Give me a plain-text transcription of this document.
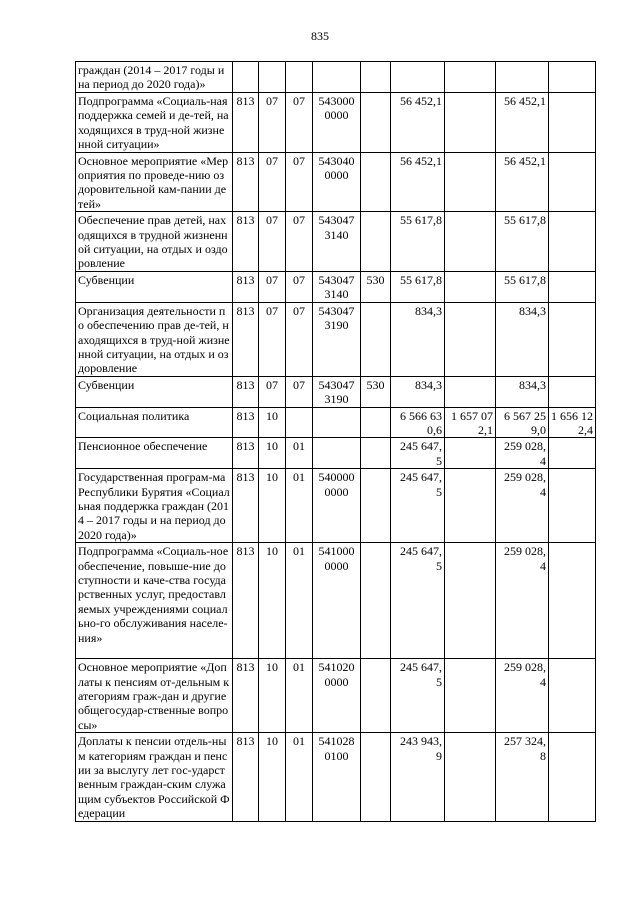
835
граждан (2014 – 2017 годы и на период до 2020 года)»									
Подпрограмма «Социаль-ная поддержка семей и де-тей, находящихся в труд-ной жизненной ситуации»	813	07	07	543000 0000		56 452,1		56 452,1	
Основное мероприятие «Мероприятия по проведе-нию оздоровительной кам-пании детей»	813	07	07	543040 0000		56 452,1		56 452,1	
Обеспечение прав детей, находящихся в трудной жизненной ситуации, на отдых и оздоровление	813	07	07	543047 3140		55 617,8		55 617,8	
Субвенции	813	07	07	543047 3140	530	55 617,8		55 617,8	
Организация деятельности по обеспечению прав де-тей, находящихся в труд-ной жизненной ситуации, на отдых и оздоровление	813	07	07	543047 3190		834,3		834,3	
Субвенции	813	07	07	543047 3190	530	834,3		834,3	
Социальная политика	813	10				6 566 63 0,6	1 657 07 2,1	6 567 25 9,0	1 656 12 2,4
Пенсионное обеспечение	813	10	01			245 647, 5		259 028, 4	
Государственная програм-ма Республики Бурятия «Социальная поддержка граждан (2014 – 2017 годы и на период до 2020 года)»	813	10	01	540000 0000		245 647, 5		259 028, 4	
Подпрограмма «Социаль-ное обеспечение, повыше-ние доступности и каче-ства государственных услуг, предоставляемых учреждениями социально-го обслуживания населе-ния»	813	10	01	541000 0000		245 647, 5		259 028, 4	
Основное мероприятие «Доплаты к пенсиям от-дельным категориям граж-дан и другие общегосудар-ственные вопросы»	813	10	01	541020 0000		245 647, 5		259 028, 4	
Доплаты к пенсии отдель-ным категориям граждан и пенсии за выслугу лет гос-ударственным граждан-ским служащим субъектов Российской Федерации	813	10	01	541028 0100		243 943, 9		257 324, 8	
